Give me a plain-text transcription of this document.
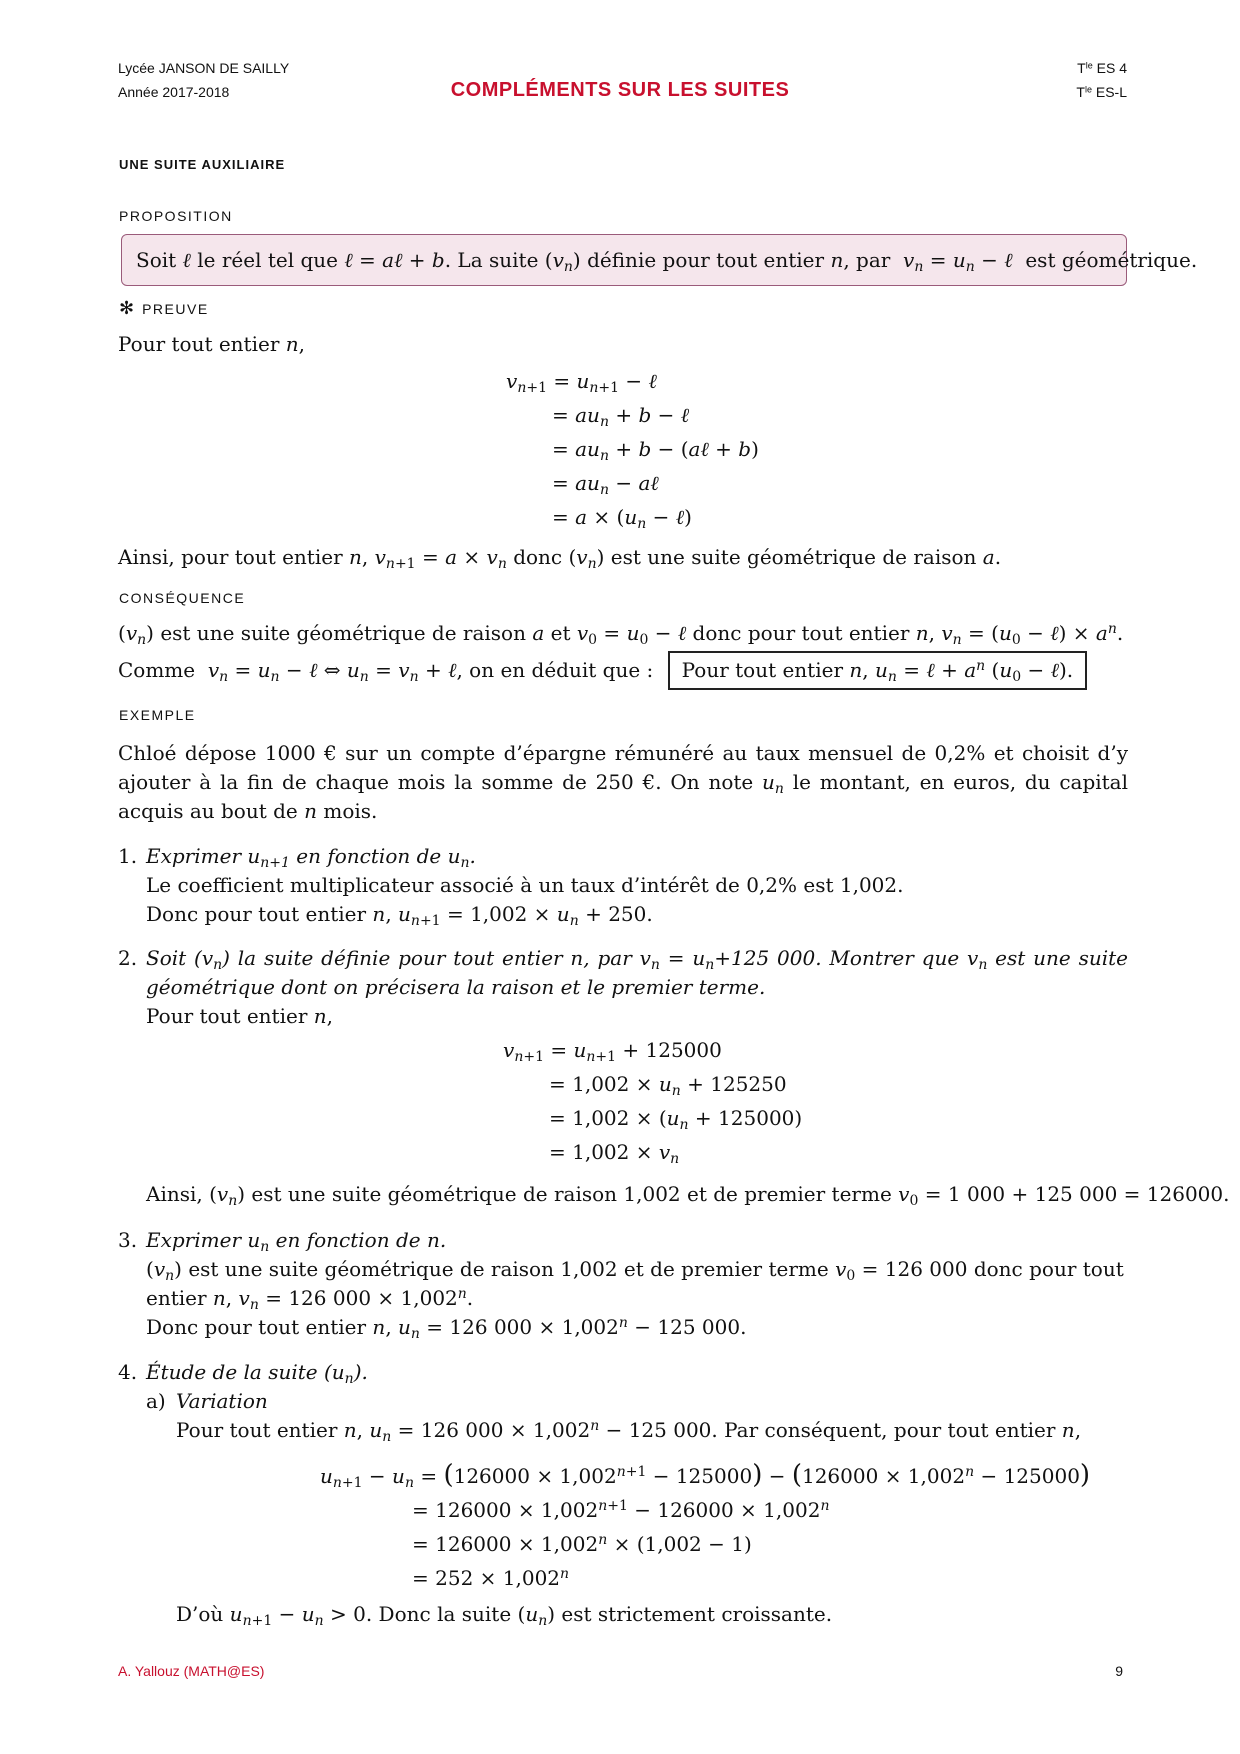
Lycée JANSON DE SAILLY
Année 2017-2018	COMPLÉMENTS SUR LES SUITES
$T^{le}$ ES 4
$T^{le}$ ES-L
UNE SUITE AUXILIAIRE
PROPOSITION
Soit ℓ le réel tel que ℓ = aℓ + b. La suite $(v_n)$ définie pour tout entier n, par  $v_n = u_n$ − ℓ  est géométrique.
✻ PREUVE
Pour tout entier n,
$v_{n+1} = u_{n+1}$ − ℓ
= $au_n + b$ − ℓ
= $au_n + b$ − (aℓ + b)
= $au_n$ − aℓ
= $a \times (u_n$ − ℓ)
Ainsi, pour tout entier n, $v_{n+1} = a \times v_n$ donc $(v_n)$ est une suite géométrique de raison a.
CONSÉQUENCE
$(v_n)$ est une suite géométrique de raison a et $v_0 = u_0$ − ℓ donc pour tout entier n, $v_n = (u_0$ − ℓ) × $a^n$.
Comme  $v_n = u_n$ − ℓ ⇔ $u_n = v_n$ + ℓ, on en déduit que : Pour tout entier n, $u_n$ = ℓ + $a^n$ ($u_0$ − ℓ).
EXEMPLE
Chloé dépose 1000 € sur un compte d’épargne rémunéré au taux mensuel de 0,2% et choisit d’y ajouter à la fin de chaque mois la somme de 250 €. On note $u_n$ le montant, en euros, du capital acquis au bout de n mois.
1. Exprimer $u_{n+1}$ en fonction de $u_n$.
Le coefficient multiplicateur associé à un taux d’intérêt de 0,2% est 1,002.
Donc pour tout entier n, $u_{n+1} = 1,002 \times u_n + 250$.
2. Soit $(v_n)$ la suite définie pour tout entier n, par $v_n = u_n+125$ 000. Montrer que $v_n$ est une suite géométrique dont on précisera la raison et le premier terme.
Pour tout entier n,
$v_{n+1} = u_{n+1} + 125000$
= $1,002 \times u_n + 125250$
= $1,002 \times (u_n + 125000)$
= $1,002 \times v_n$
Ainsi, $(v_n)$ est une suite géométrique de raison 1,002 et de premier terme $v_0 = 1$ 000 + 125 000 = 126000.
3. Exprimer $u_n$ en fonction de n.
$(v_n)$ est une suite géométrique de raison 1,002 et de premier terme $v_0 = 126$ 000 donc pour tout entier n, $v_n = 126$ $000 \times 1,002^n$.
Donc pour tout entier n, $u_n = 126$ $000 \times 1,002^n - 125$ 000.
4. Étude de la suite $(u_n)$.
a) Variation
Pour tout entier n, $u_n = 126$ $000 \times 1,002^n - 125$ 000. Par conséquent, pour tout entier n,
$u_{n+1} - u_n = (126000 \times 1,002^{n+1} - 125000) - (126000 \times 1,002^n - 125000)$
= $126000 \times 1,002^{n+1} - 126000 \times 1,002^n$
= $126000 \times 1,002^n \times (1,002 - 1)$
= $252 \times 1,002^n$
D’où $u_{n+1} - u_n > 0$. Donc la suite $(u_n)$ est strictement croissante.
A. Yallouz (MATH@ES)	9
